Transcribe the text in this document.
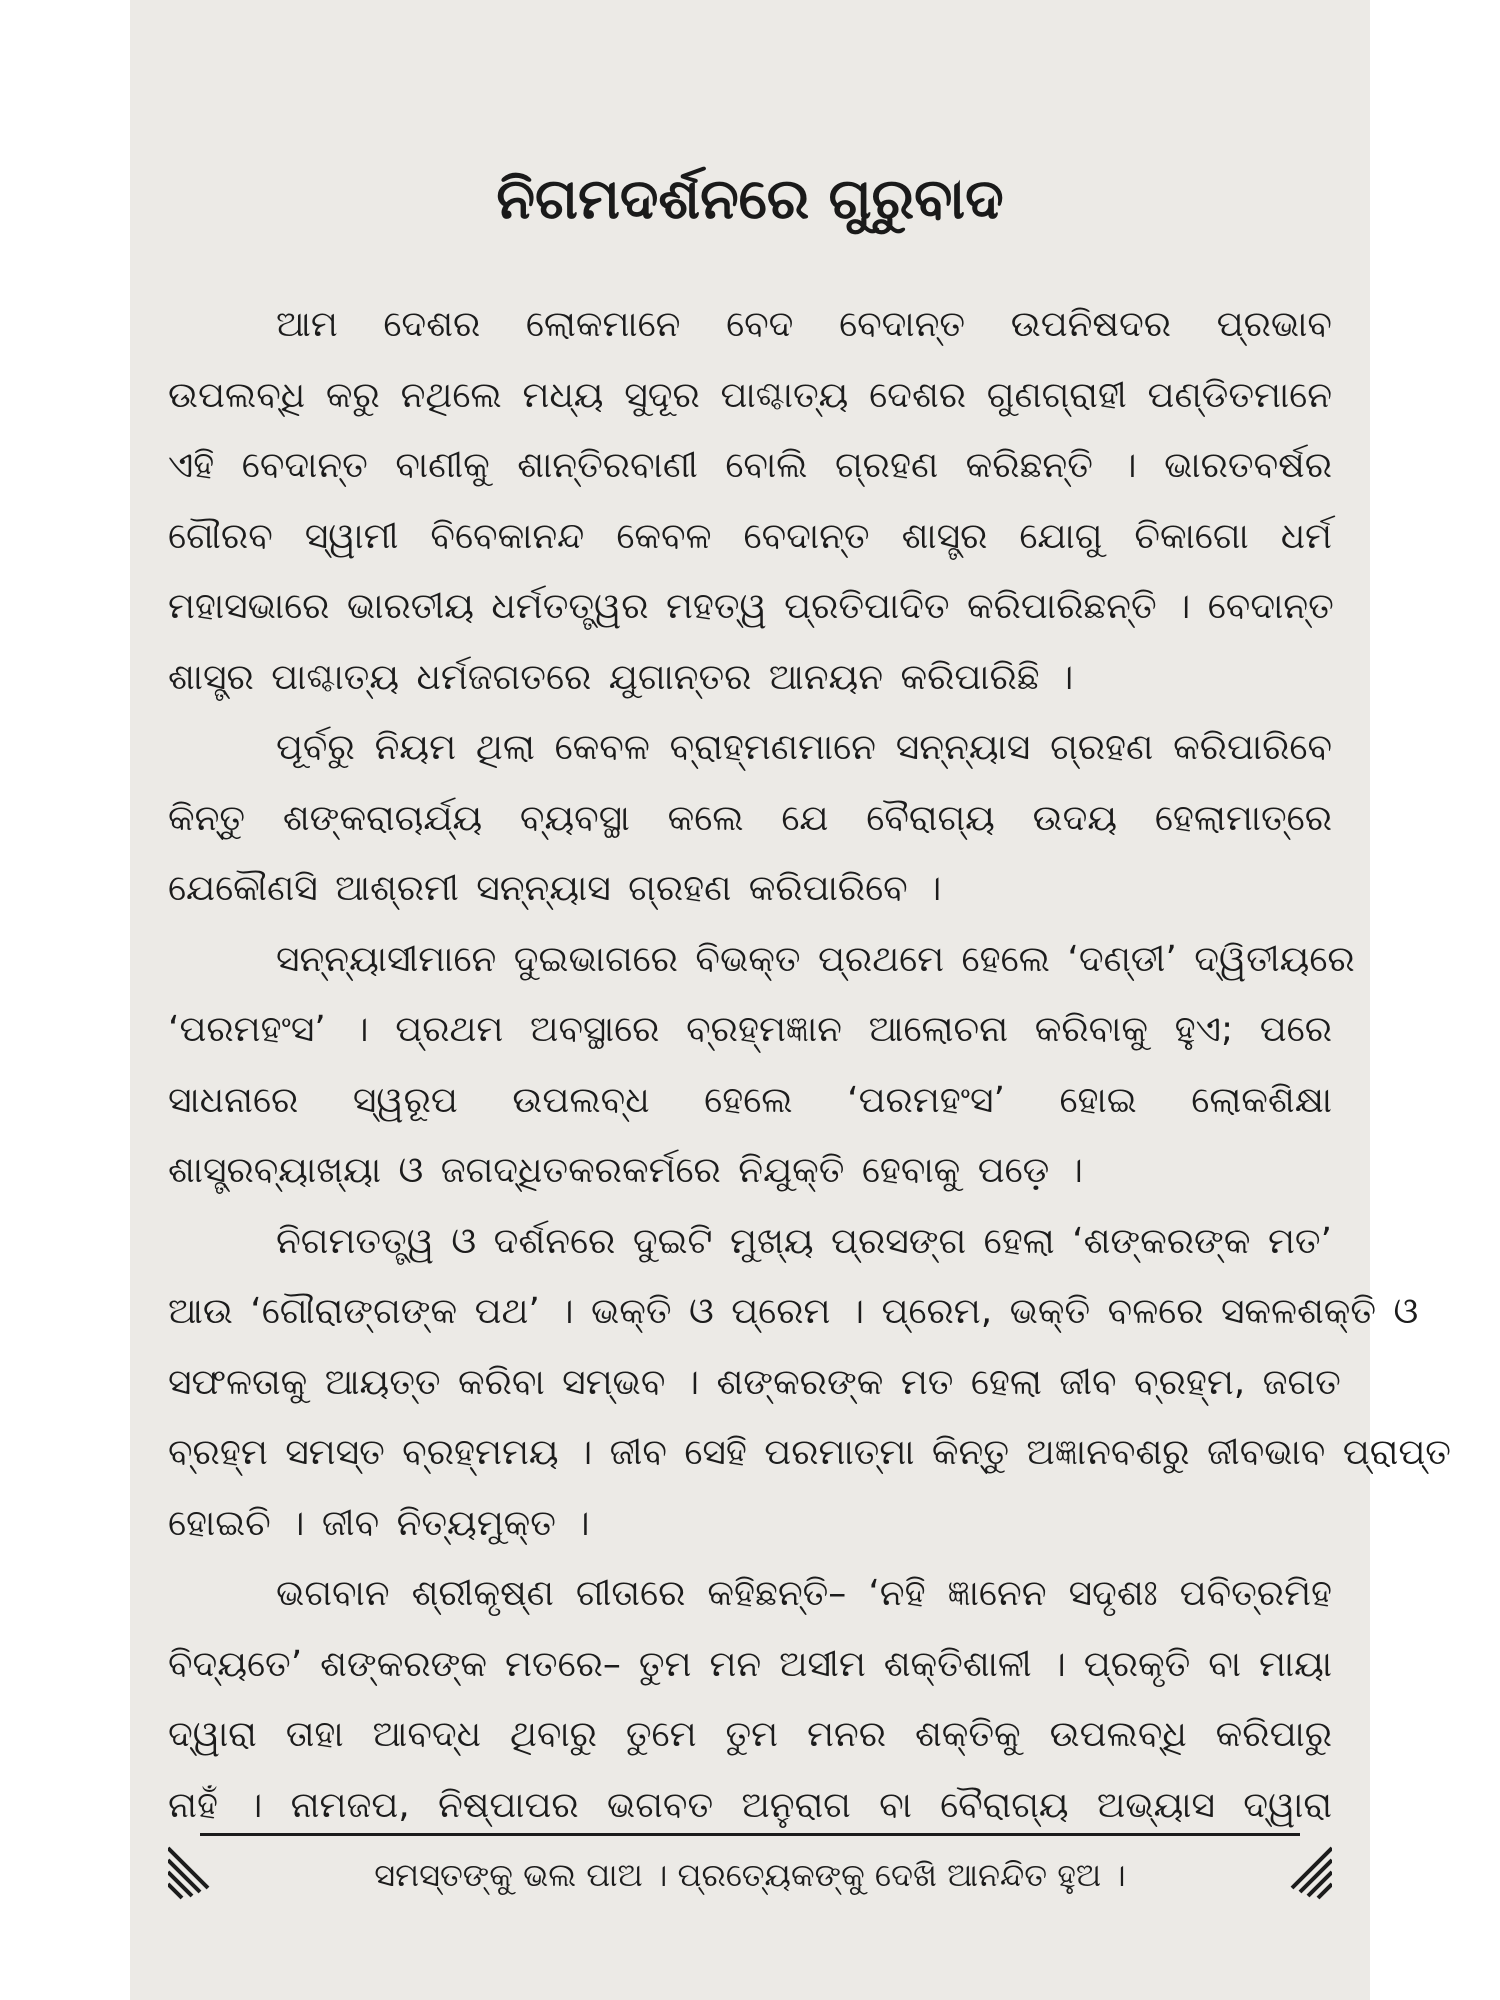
ନିଗମଦର୍ଶନରେ ଗୁରୁବାଦ
ଆମ ଦେଶର ଲୋକମାନେ ବେଦ ବେଦାନ୍ତ ଉପନିଷଦର ପ୍ରଭାବ
ଉପଲବ୍ଧି କରୁ ନଥିଲେ ମଧ୍ୟ ସୁଦୂର ପାଶ୍ଚାତ୍ୟ ଦେଶର ଗୁଣଗ୍ରାହୀ ପଣ୍ଡିତମାନେ
ଏହି ବେଦାନ୍ତ ବାଣୀକୁ ଶାନ୍ତିରବାଣୀ ବୋଲି ଗ୍ରହଣ କରିଛନ୍ତି । ଭାରତବର୍ଷର
ଗୌରବ ସ୍ୱାମୀ ବିବେକାନନ୍ଦ କେବଳ ବେଦାନ୍ତ ଶାସ୍ତ୍ର ଯୋଗୁ ଚିକାଗୋ ଧର୍ମ
ମହାସଭାରେ ଭାରତୀୟ ଧର୍ମତତ୍ତ୍ୱର ମହତ୍ୱ ପ୍ରତିପାଦିତ କରିପାରିଛନ୍ତି । ବେଦାନ୍ତ
ଶାସ୍ତ୍ର ପାଶ୍ଚାତ୍ୟ ଧର୍ମଜଗତରେ ଯୁଗାନ୍ତର ଆନୟନ କରିପାରିଛି ।
ପୂର୍ବରୁ ନିୟମ ଥିଲା କେବଳ ବ୍ରାହ୍ମଣମାନେ ସନ୍ନ୍ୟାସ ଗ୍ରହଣ କରିପାରିବେ
କିନ୍ତୁ ଶଙ୍କରାଚାର୍ଯ୍ୟ ବ୍ୟବସ୍ଥା କଲେ ଯେ ବୈରାଗ୍ୟ ଉଦୟ ହେଲାମାତ୍ରେ
ଯେକୌଣସି ଆଶ୍ରମୀ ସନ୍ନ୍ୟାସ ଗ୍ରହଣ କରିପାରିବେ ।
ସନ୍ନ୍ୟାସୀମାନେ ଦୁଇଭାଗରେ ବିଭକ୍ତ ପ୍ରଥମେ ହେଲେ ‘ଦଣ୍ଡୀ’ ଦ୍ୱିତୀୟରେ
‘ପରମହଂସ’ । ପ୍ରଥମ ଅବସ୍ଥାରେ ବ୍ରହ୍ମଜ୍ଞାନ ଆଲୋଚନା କରିବାକୁ ହୁଏ; ପରେ
ସାଧନାରେ ସ୍ୱରୂପ ଉପଲବ୍ଧ ହେଲେ ‘ପରମହଂସ’ ହୋଇ ଲୋକଶିକ୍ଷା
ଶାସ୍ତ୍ରବ୍ୟାଖ୍ୟା ଓ ଜଗଦ୍ଧିତକରକର୍ମରେ ନିଯୁକ୍ତି ହେବାକୁ ପଡ଼େ ।
ନିଗମତତ୍ତ୍ୱ ଓ ଦର୍ଶନରେ ଦୁଇଟି ମୁଖ୍ୟ ପ୍ରସଙ୍ଗ ହେଲା ‘ଶଙ୍କରଙ୍କ ମତ’
ଆଉ ‘ଗୌରାଙ୍ଗଙ୍କ ପଥ’ । ଭକ୍ତି ଓ ପ୍ରେମ । ପ୍ରେମ, ଭକ୍ତି ବଳରେ ସକଳଶକ୍ତି ଓ
ସଫଳତାକୁ ଆୟତ୍ତ କରିବା ସମ୍ଭବ । ଶଙ୍କରଙ୍କ ମତ ହେଲା ଜୀବ ବ୍ରହ୍ମ, ଜଗତ
ବ୍ରହ୍ମ ସମସ୍ତ ବ୍ରହ୍ମମୟ । ଜୀବ ସେହି ପରମାତ୍ମା କିନ୍ତୁ ଅଜ୍ଞାନବଶରୁ ଜୀବଭାବ ପ୍ରାପ୍ତ
ହୋଇଚି । ଜୀବ ନିତ୍ୟମୁକ୍ତ ।
ଭଗବାନ ଶ୍ରୀକୃଷ୍ଣ ଗୀତାରେ କହିଛନ୍ତି– ‘ନହି ଜ୍ଞାନେନ ସଦୃଶଃ ପବିତ୍ରମିହ
ବିଦ୍ୟତେ’ ଶଙ୍କରଙ୍କ ମତରେ– ତୁମ ମନ ଅସୀମ ଶକ୍ତିଶାଳୀ । ପ୍ରକୃତି ବା ମାୟା
ଦ୍ୱାରା ତାହା ଆବଦ୍ଧ ଥିବାରୁ ତୁମେ ତୁମ ମନର ଶକ୍ତିକୁ ଉପଲବ୍ଧି କରିପାରୁ
ନାହଁ । ନାମଜପ, ନିଷ୍ପାପର ଭଗବତ ଅନୁରାଗ ବା ବୈରାଗ୍ୟ ଅଭ୍ୟାସ ଦ୍ୱାରା
ସମସ୍ତଙ୍କୁ ଭଲ ପାଅ । ପ୍ରତ୍ୟେକଙ୍କୁ ଦେଖି ଆନନ୍ଦିତ ହୁଅ ।
